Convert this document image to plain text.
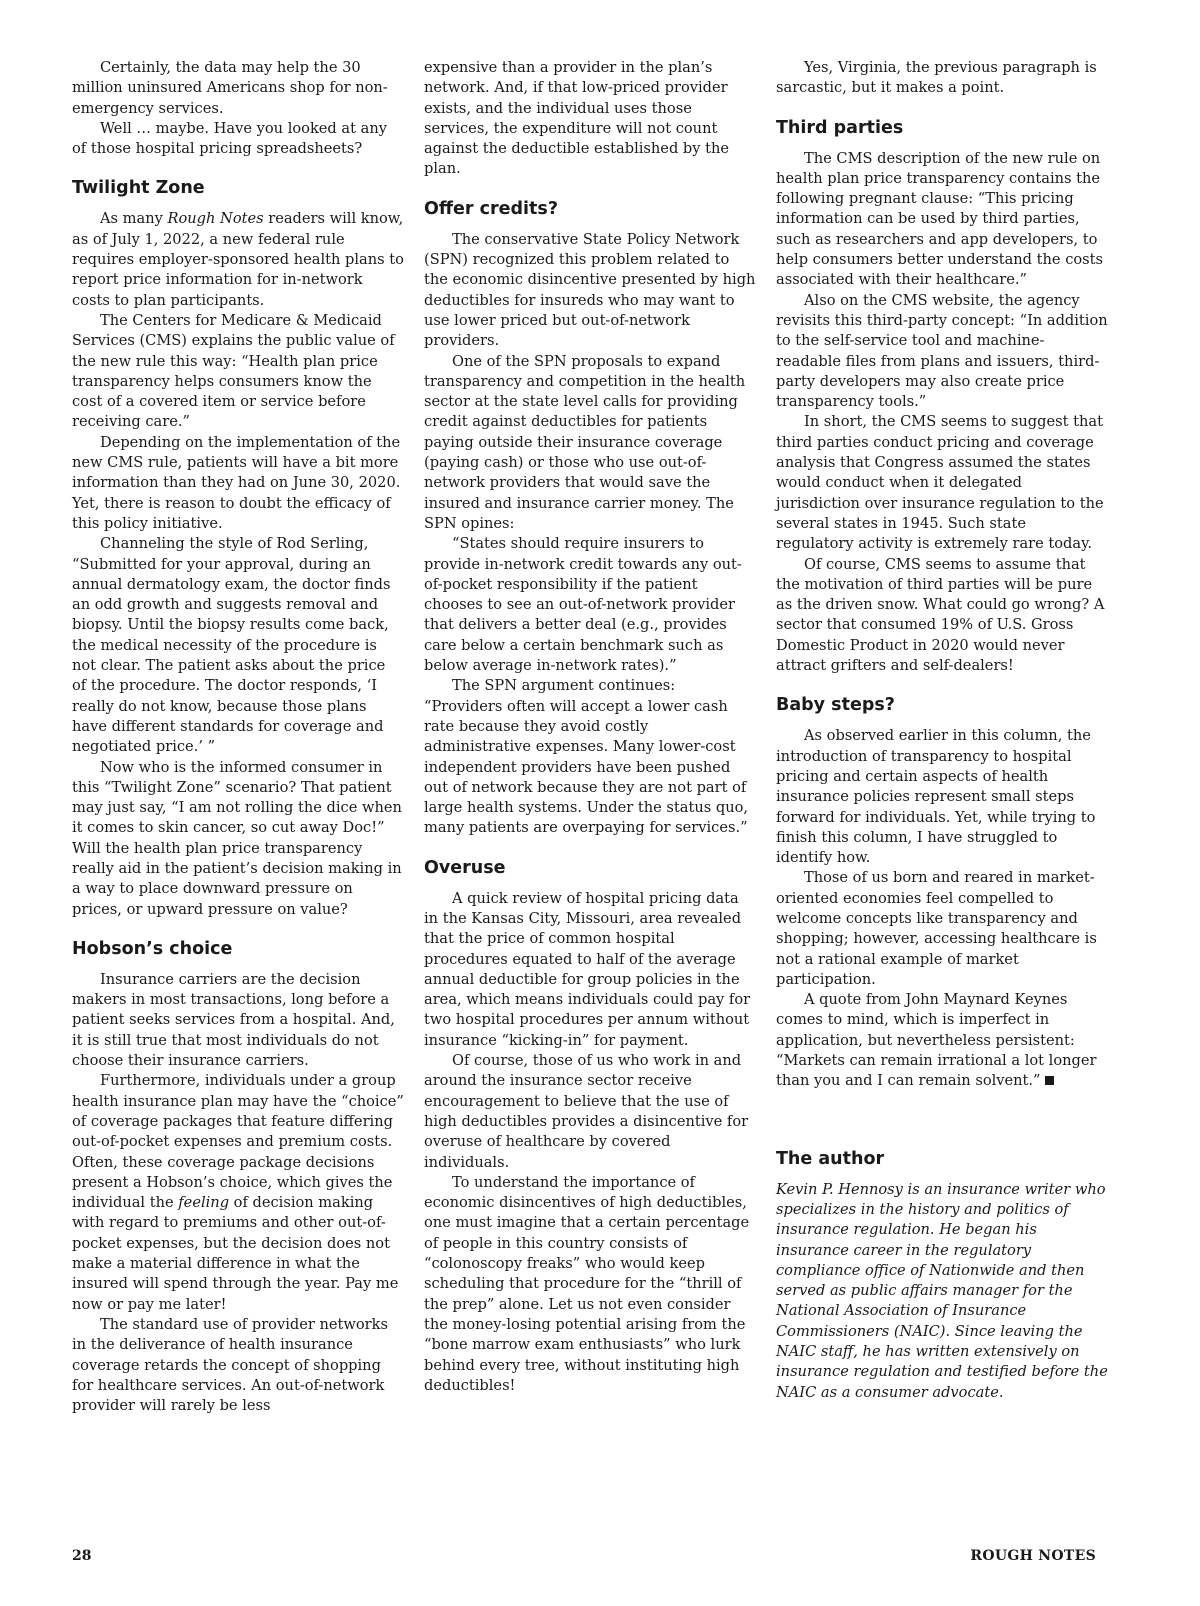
Certainly, the data may help the 30 million uninsured Americans shop for non-emergency services.

Well … maybe. Have you looked at any of those hospital pricing spreadsheets?

Twilight Zone

As many Rough Notes readers will know, as of July 1, 2022, a new federal rule requires employer-sponsored health plans to report price information for in-network costs to plan participants.

The Centers for Medicare & Medicaid Services (CMS) explains the public value of the new rule this way: “Health plan price transparency helps consumers know the cost of a covered item or service before receiving care.”

Depending on the implementation of the new CMS rule, patients will have a bit more information than they had on June 30, 2020. Yet, there is reason to doubt the efficacy of this policy initiative.

Channeling the style of Rod Serling, “Submitted for your approval, during an annual dermatology exam, the doctor finds an odd growth and suggests removal and biopsy. Until the biopsy results come back, the medical necessity of the procedure is not clear. The patient asks about the price of the procedure. The doctor responds, ‘I really do not know, because those plans have different standards for coverage and negotiated price.’ ”

Now who is the informed consumer in this “Twilight Zone” scenario? That patient may just say, “I am not rolling the dice when it comes to skin cancer, so cut away Doc!” Will the health plan price transparency really aid in the patient’s decision making in a way to place downward pressure on prices, or upward pressure on value?

Hobson’s choice

Insurance carriers are the decision makers in most transactions, long before a patient seeks services from a hospital. And, it is still true that most individuals do not choose their insurance carriers.

Furthermore, individuals under a group health insurance plan may have the “choice” of coverage packages that feature differing out-of-pocket expenses and premium costs. Often, these coverage package decisions present a Hobson’s choice, which gives the individual the feeling of decision making with regard to premiums and other out-of-pocket expenses, but the decision does not make a material difference in what the insured will spend through the year. Pay me now or pay me later!

The standard use of provider networks in the deliverance of health insurance coverage retards the concept of shopping for healthcare services. An out-of-network provider will rarely be less

expensive than a provider in the plan’s network. And, if that low-priced provider exists, and the individual uses those services, the expenditure will not count against the deductible established by the plan.

Offer credits?

The conservative State Policy Network (SPN) recognized this problem related to the economic disincentive presented by high deductibles for insureds who may want to use lower priced but out-of-network providers.

One of the SPN proposals to expand transparency and competition in the health sector at the state level calls for providing credit against deductibles for patients paying outside their insurance coverage (paying cash) or those who use out-of-network providers that would save the insured and insurance carrier money. The SPN opines:

“States should require insurers to provide in-network credit towards any out-of-pocket responsibility if the patient chooses to see an out-of-network provider that delivers a better deal (e.g., provides care below a certain benchmark such as below average in-network rates).”

The SPN argument continues: “Providers often will accept a lower cash rate because they avoid costly administrative expenses. Many lower-cost independent providers have been pushed out of network because they are not part of large health systems. Under the status quo, many patients are overpaying for services.”

Overuse

A quick review of hospital pricing data in the Kansas City, Missouri, area revealed that the price of common hospital procedures equated to half of the average annual deductible for group policies in the area, which means individuals could pay for two hospital procedures per annum without insurance “kicking-in” for payment.

Of course, those of us who work in and around the insurance sector receive encouragement to believe that the use of high deductibles provides a disincentive for overuse of healthcare by covered individuals.

To understand the importance of economic disincentives of high deductibles, one must imagine that a certain percentage of people in this country consists of “colonoscopy freaks” who would keep scheduling that procedure for the “thrill of the prep” alone. Let us not even consider the money-losing potential arising from the “bone marrow exam enthusiasts” who lurk behind every tree, without instituting high deductibles!

Yes, Virginia, the previous paragraph is sarcastic, but it makes a point.

Third parties

The CMS description of the new rule on health plan price transparency contains the following pregnant clause: “This pricing information can be used by third parties, such as researchers and app developers, to help consumers better understand the costs associated with their healthcare.”

Also on the CMS website, the agency revisits this third-party concept: “In addition to the self-service tool and machine-readable files from plans and issuers, third-party developers may also create price transparency tools.”

In short, the CMS seems to suggest that third parties conduct pricing and coverage analysis that Congress assumed the states would conduct when it delegated jurisdiction over insurance regulation to the several states in 1945. Such state regulatory activity is extremely rare today.

Of course, CMS seems to assume that the motivation of third parties will be pure as the driven snow. What could go wrong? A sector that consumed 19% of U.S. Gross Domestic Product in 2020 would never attract grifters and self-dealers!

Baby steps?

As observed earlier in this column, the introduction of transparency to hospital pricing and certain aspects of health insurance policies represent small steps forward for individuals. Yet, while trying to finish this column, I have struggled to identify how.

Those of us born and reared in market-oriented economies feel compelled to welcome concepts like transparency and shopping; however, accessing healthcare is not a rational example of market participation.

A quote from John Maynard Keynes comes to mind, which is imperfect in application, but nevertheless persistent: “Markets can remain irrational a lot longer than you and I can remain solvent.”

The author

Kevin P. Hennosy is an insurance writer who specializes in the history and politics of insurance regulation. He began his insurance career in the regulatory compliance office of Nationwide and then served as public affairs manager for the National Association of Insurance Commissioners (NAIC). Since leaving the NAIC staff, he has written extensively on insurance regulation and testified before the NAIC as a consumer advocate.

28	ROUGH NOTES
